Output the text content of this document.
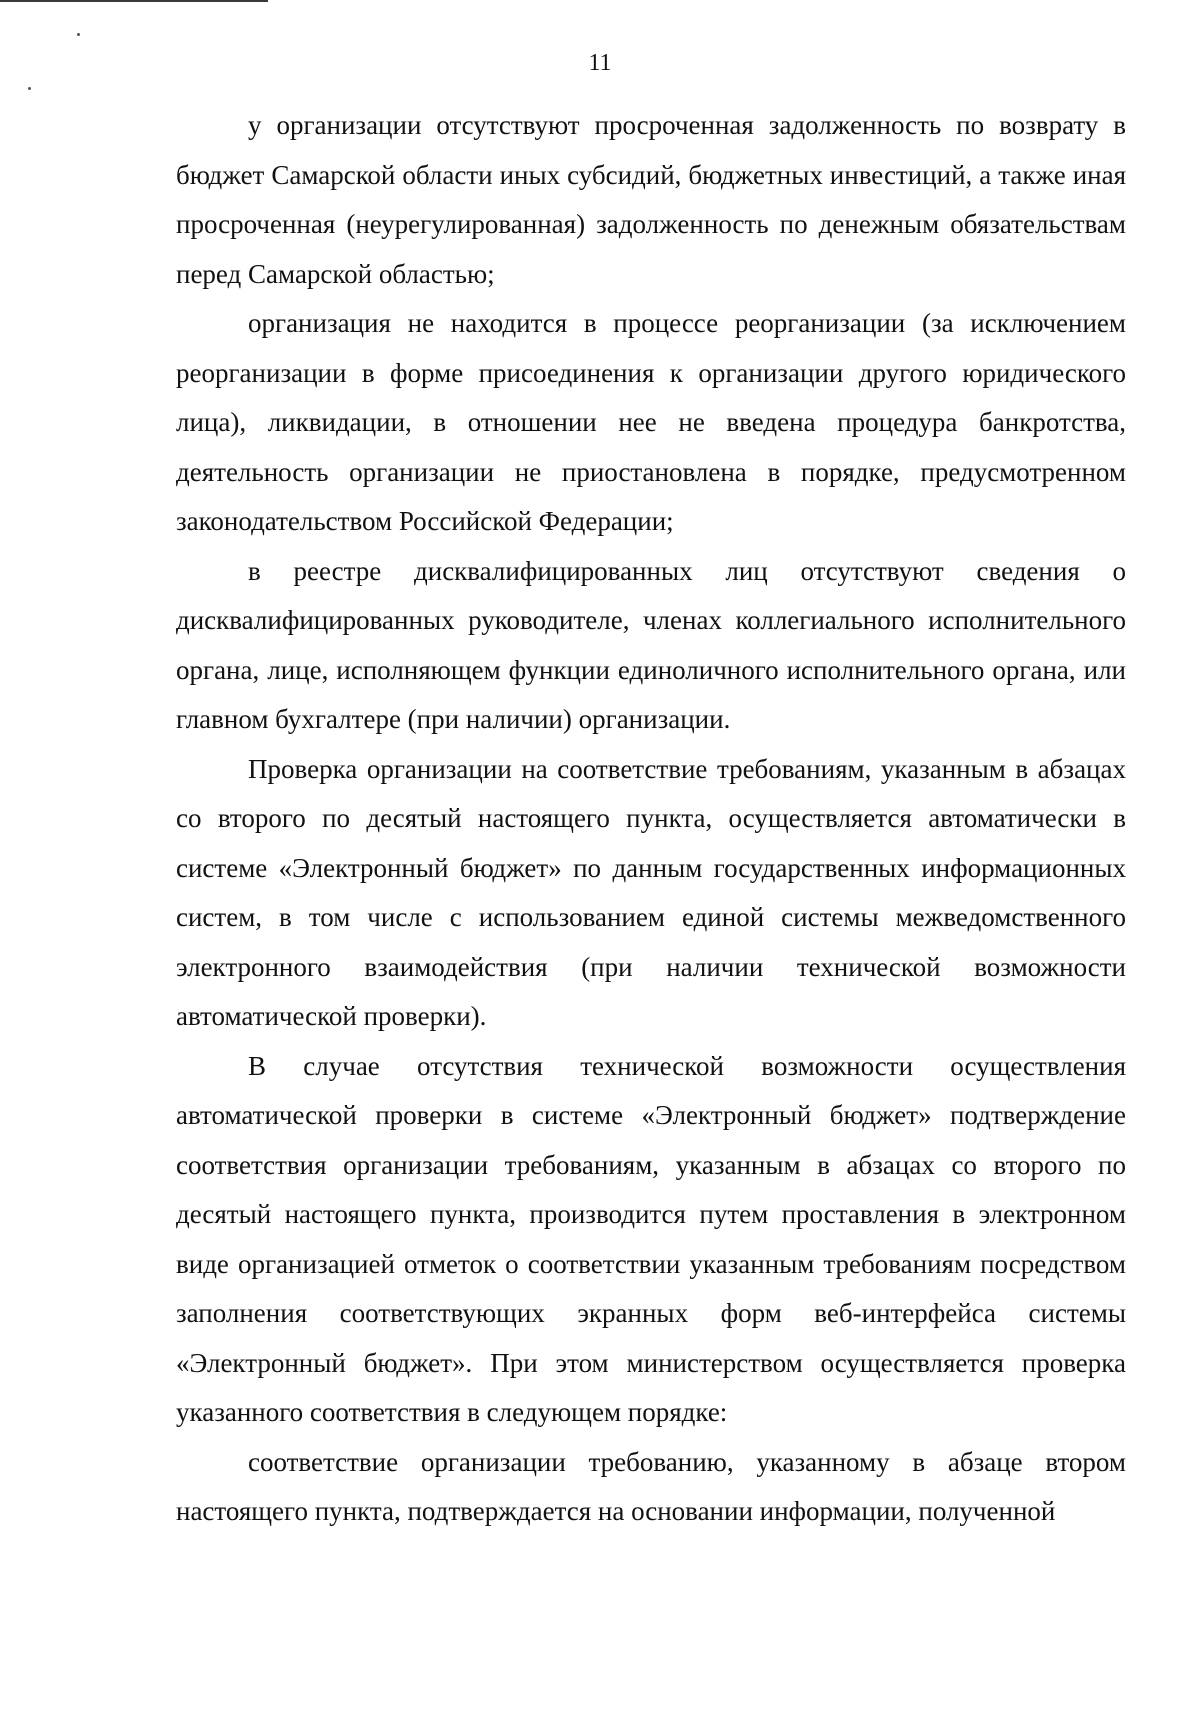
11

у организации отсутствуют просроченная задолженность по возврату в бюджет Самарской области иных субсидий, бюджетных инвестиций, а также иная просроченная (неурегулированная) задолженность по денежным обязательствам перед Самарской областью;

организация не находится в процессе реорганизации (за исключением реорганизации в форме присоединения к организации другого юридического лица), ликвидации, в отношении нее не введена процедура банкротства, деятельность организации не приостановлена в порядке, предусмотренном законодательством Российской Федерации;

в реестре дисквалифицированных лиц отсутствуют сведения о дисквалифицированных руководителе, членах коллегиального исполнительного органа, лице, исполняющем функции единоличного исполнительного органа, или главном бухгалтере (при наличии) организации.

Проверка организации на соответствие требованиям, указанным в абзацах со второго по десятый настоящего пункта, осуществляется автоматически в системе «Электронный бюджет» по данным государственных информационных систем, в том числе с использованием единой системы межведомственного электронного взаимодействия (при наличии технической возможности автоматической проверки).

В случае отсутствия технической возможности осуществления автоматической проверки в системе «Электронный бюджет» подтверждение соответствия организации требованиям, указанным в абзацах со второго по десятый настоящего пункта, производится путем проставления в электронном виде организацией отметок о соответствии указанным требованиям посредством заполнения соответствующих экранных форм веб-интерфейса системы «Электронный бюджет». При этом министерством осуществляется проверка указанного соответствия в следующем порядке:

соответствие организации требованию, указанному в абзаце втором настоящего пункта, подтверждается на основании информации, полученной
